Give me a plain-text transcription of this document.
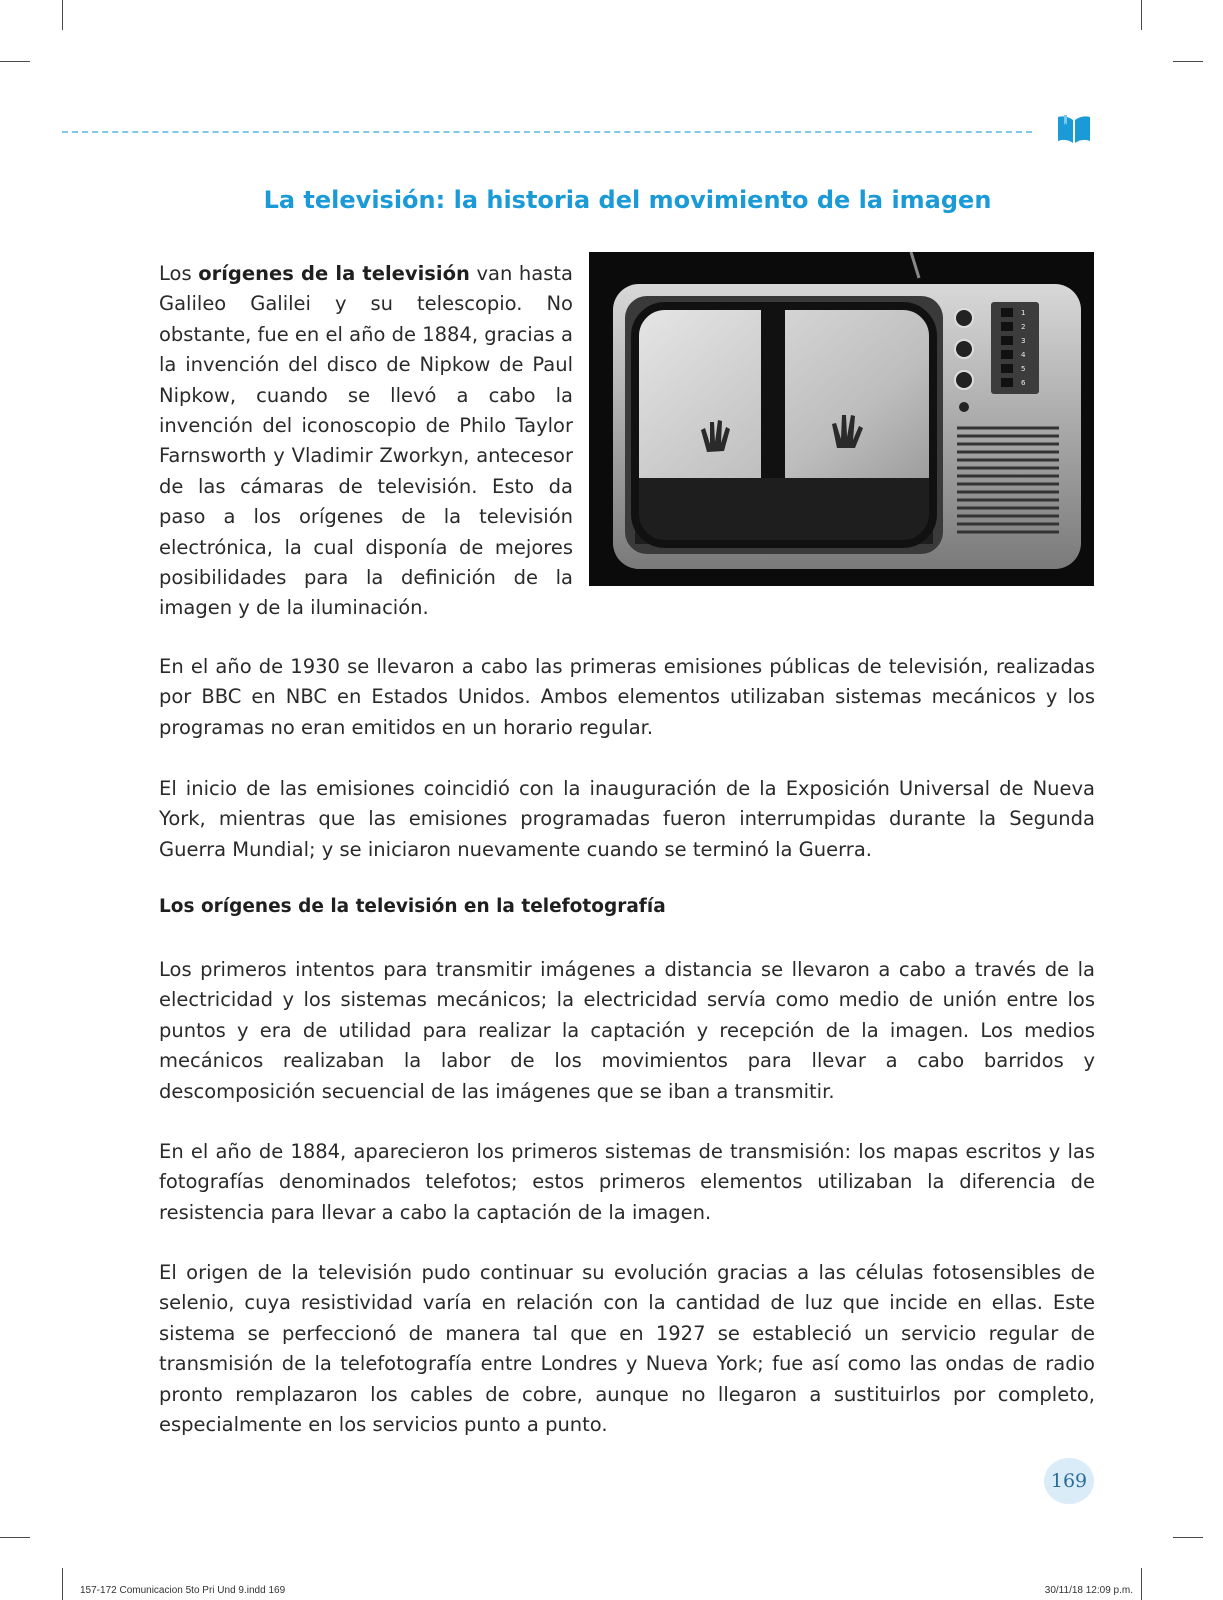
La televisión: la historia del movimiento de la imagen

Los orígenes de la televisión van hasta Galileo Galilei y su telescopio. No obstante, fue en el año de 1884, gracias a la invención del disco de Nipkow de Paul Nipkow, cuando se llevó a cabo la invención del iconoscopio de Philo Taylor Farnsworth y Vladimir Zworkyn, antecesor de las cámaras de televisión. Esto da paso a los orígenes de la televisión electrónica, la cual disponía de mejores posibilidades para la definición de la imagen y de la iluminación.

1
2
3
4
5
6

En el año de 1930 se llevaron a cabo las primeras emisiones públicas de televisión, realizadas por BBC en NBC en Estados Unidos. Ambos elementos utilizaban sistemas mecánicos y los programas no eran emitidos en un horario regular.

El inicio de las emisiones coincidió con la inauguración de la Exposición Universal de Nueva York, mientras que las emisiones programadas fueron interrumpidas durante la Segunda Guerra Mundial; y se iniciaron nuevamente cuando se terminó la Guerra.

Los orígenes de la televisión en la telefotografía

Los primeros intentos para transmitir imágenes a distancia se llevaron a cabo a través de la electricidad y los sistemas mecánicos; la electricidad servía como medio de unión entre los puntos y era de utilidad para realizar la captación y recepción de la imagen. Los medios mecánicos realizaban la labor de los movimientos para llevar a cabo barridos y descomposición secuencial de las imágenes que se iban a transmitir.

En el año de 1884, aparecieron los primeros sistemas de transmisión: los mapas escritos y las fotografías denominados telefotos; estos primeros elementos utilizaban la diferencia de resistencia para llevar a cabo la captación de la imagen.

El origen de la televisión pudo continuar su evolución gracias a las células fotosensibles de selenio, cuya resistividad varía en relación con la cantidad de luz que incide en ellas. Este sistema se perfeccionó de manera tal que en 1927 se estableció un servicio regular de transmisión de la telefotografía entre Londres y Nueva York; fue así como las ondas de radio pronto remplazaron los cables de cobre, aunque no llegaron a sustituirlos por completo, especialmente en los servicios punto a punto.

169
157-172 Comunicacion 5to Pri Und 9.indd 169	30/11/18 12:09 p.m.
